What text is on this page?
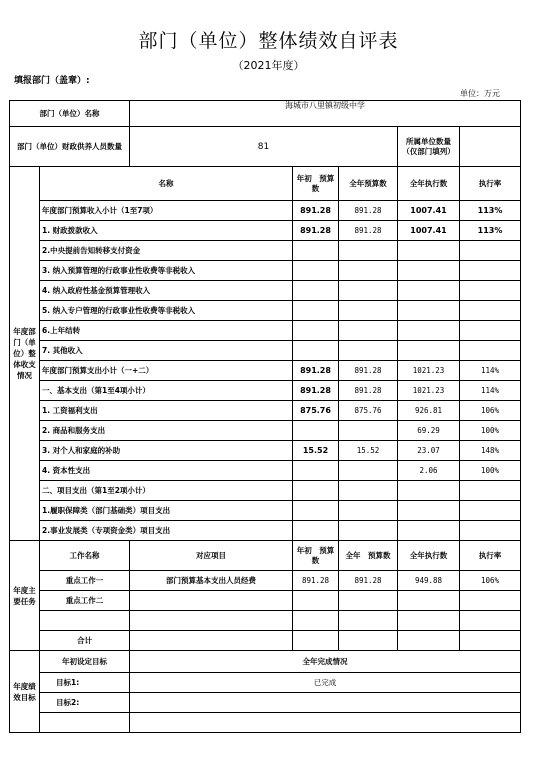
部门（单位）整体绩效自评表
（2021年度）
填报部门（盖章）:
单位：万元
部门（单位）名称		海城市八里镇初级中学				
部门（单位）财政供养人员数量		81			所属单位数量（仅部门填列）	
年度部门（单位）整体收支情况	名称		年初　预算数	全年预算数	全年执行数	执行率
	年度部门预算收入小计（1至7项）		891.28	891.28	1007.41	113%
	1. 财政拨款收入		891.28	891.28	1007.41	113%
	2.中央提前告知转移支付资金					
	3. 纳入预算管理的行政事业性收费等非税收入					
	4. 纳入政府性基金预算管理收入					
	5. 纳入专户管理的行政事业性收费等非税收入					
	6.上年结转					
	7. 其他收入					
	年度部门预算支出小计（一+二）		891.28	891.28	1021.23	114%
	一、基本支出（第1至4项小计）		891.28	891.28	1021.23	114%
	1. 工资福利支出		875.76	875.76	926.81	106%
	2. 商品和服务支出				69.29	100%
	3. 对个人和家庭的补助		15.52	15.52	23.07	148%
	4. 资本性支出				2.06	100%
	二、项目支出（第1至2项小计）					
	1.履职保障类（部门基础类）项目支出					
	2.事业发展类（专项资金类）项目支出					
年度主要任务	工作名称	对应项目	年初　预算数	全年　预算数	全年执行数	执行率
	重点工作一	部门预算基本支出人员经费	891.28	891.28	949.88	106%
	重点工作二					

	合计					
年度绩效目标	年初设定目标	全年完成情况				
	目标1:	已完成				
	目标2:					
